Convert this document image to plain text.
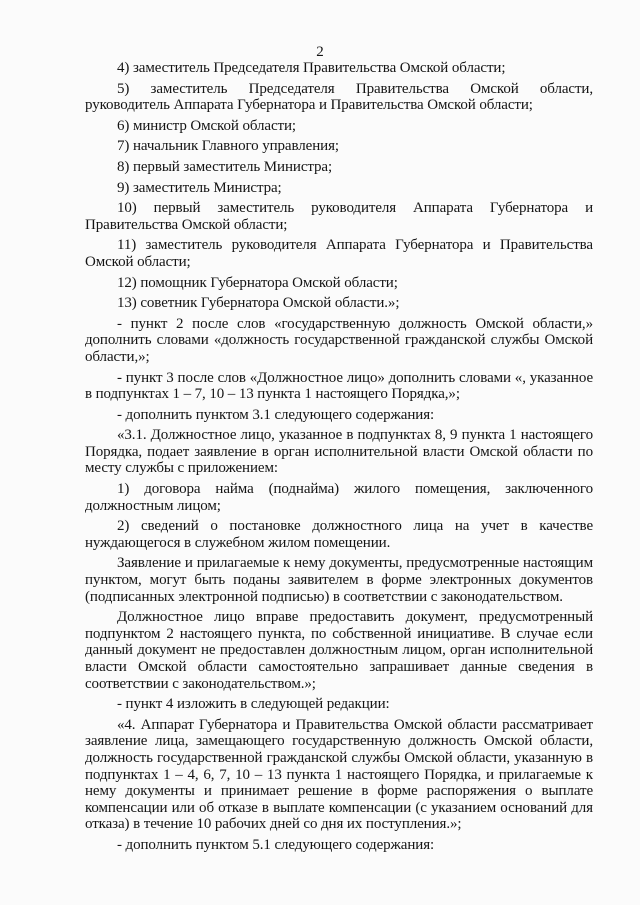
2

4) заместитель Председателя Правительства Омской области;

5) заместитель Председателя Правительства Омской области, руководитель Аппарата Губернатора и Правительства Омской области;

6) министр Омской области;

7) начальник Главного управления;

8) первый заместитель Министра;

9) заместитель Министра;

10) первый заместитель руководителя Аппарата Губернатора и Правительства Омской области;

11) заместитель руководителя Аппарата Губернатора и Правительства Омской области;

12) помощник Губернатора Омской области;

13) советник Губернатора Омской области.»;

- пункт 2 после слов «государственную должность Омской области,» дополнить словами «должность государственной гражданской службы Омской области,»;

- пункт 3 после слов «Должностное лицо» дополнить словами «, указанное в подпунктах 1 – 7, 10 – 13 пункта 1 настоящего Порядка,»;

- дополнить пунктом 3.1 следующего содержания:

«3.1. Должностное лицо, указанное в подпунктах 8, 9 пункта 1 настоящего Порядка, подает заявление в орган исполнительной власти Омской области по месту службы с приложением:

1) договора найма (поднайма) жилого помещения, заключенного должностным лицом;

2) сведений о постановке должностного лица на учет в качестве нуждающегося в служебном жилом помещении.

Заявление и прилагаемые к нему документы, предусмотренные настоящим пунктом, могут быть поданы заявителем в форме электронных документов (подписанных электронной подписью) в соответствии с законодательством.

Должностное лицо вправе предоставить документ, предусмотренный подпунктом 2 настоящего пункта, по собственной инициативе. В случае если данный документ не предоставлен должностным лицом, орган исполнительной власти Омской области самостоятельно запрашивает данные сведения в соответствии с законодательством.»;

- пункт 4 изложить в следующей редакции:

«4. Аппарат Губернатора и Правительства Омской области рассматривает заявление лица, замещающего государственную должность Омской области, должность государственной гражданской службы Омской области, указанную в подпунктах 1 – 4, 6, 7, 10 – 13 пункта 1 настоящего Порядка, и прилагаемые к нему документы и принимает решение в форме распоряжения о выплате компенсации или об отказе в выплате компенсации (с указанием оснований для отказа) в течение 10 рабочих дней со дня их поступления.»;

- дополнить пунктом 5.1 следующего содержания:
